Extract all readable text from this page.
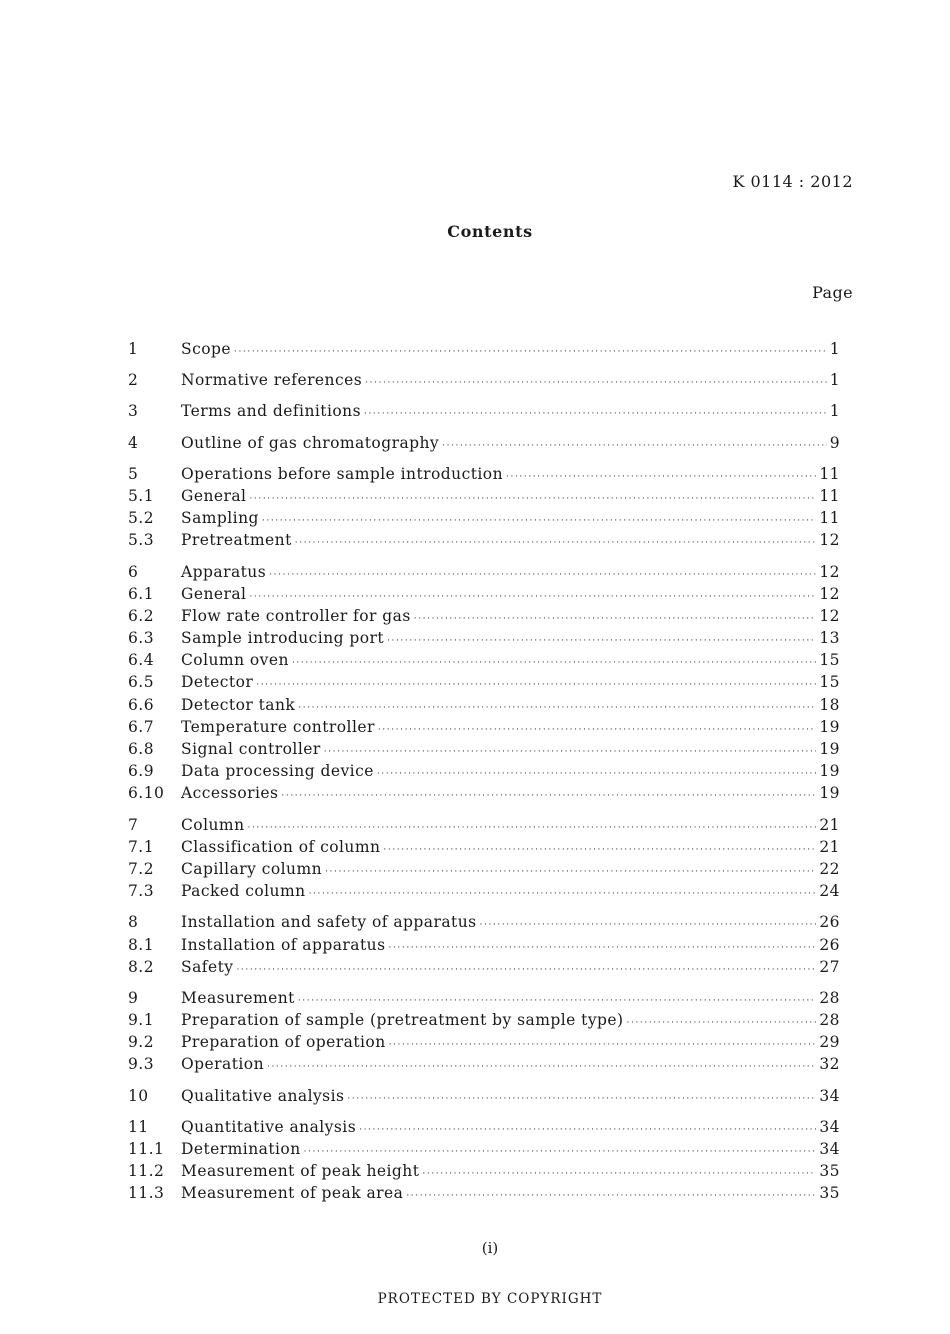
K 0114 : 2012
Contents
Page
1	Scope ·····	1
2	Normative references ·····	1
3	Terms and definitions ·····	1
4	Outline of gas chromatography ·····	9
5	Operations before sample introduction ·····	11
5.1	General ·····	11
5.2	Sampling ·····	11
5.3	Pretreatment ·····	12
6	Apparatus ·····	12
6.1	General ·····	12
6.2	Flow rate controller for gas ·····	12
6.3	Sample introducing port ·····	13
6.4	Column oven ·····	15
6.5	Detector ·····	15
6.6	Detector tank ·····	18
6.7	Temperature controller ·····	19
6.8	Signal controller ·····	19
6.9	Data processing device ·····	19
6.10	Accessories ·····	19
7	Column ·····	21
7.1	Classification of column ·····	21
7.2	Capillary column ·····	22
7.3	Packed column ·····	24
8	Installation and safety of apparatus ·····	26
8.1	Installation of apparatus ·····	26
8.2	Safety ·····	27
9	Measurement ·····	28
9.1	Preparation of sample (pretreatment by sample type) ·····	28
9.2	Preparation of operation ·····	29
9.3	Operation ·····	32
10	Qualitative analysis ·····	34
11	Quantitative analysis ·····	34
11.1	Determination ·····	34
11.2	Measurement of peak height ·····	35
11.3	Measurement of peak area ·····	35
(i)
PROTECTED BY COPYRIGHT
